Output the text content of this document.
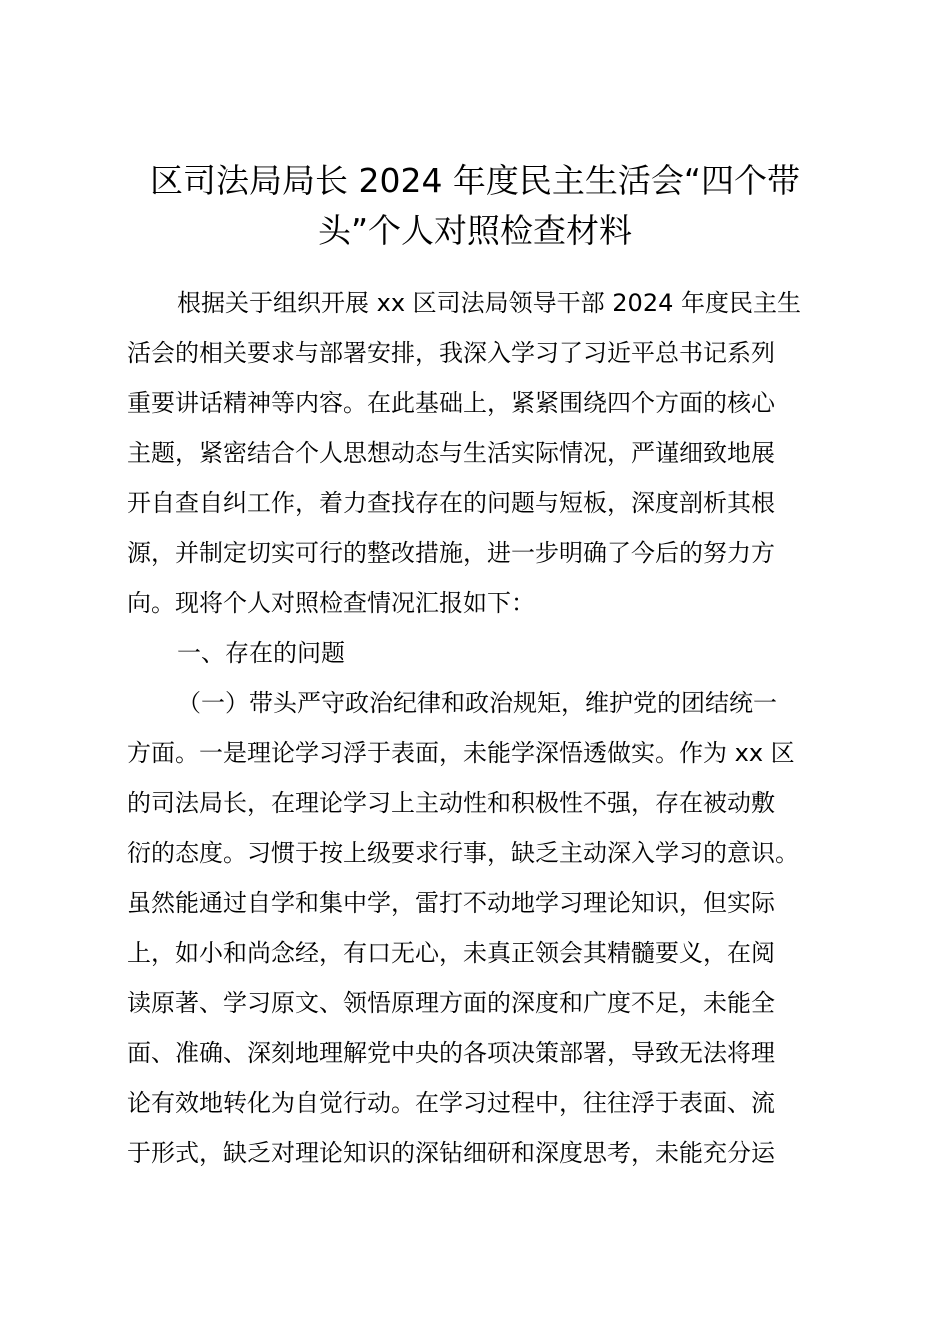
区司法局局长 2024 年度民主生活会“四个带
头”个人对照检查材料
根据关于组织开展 xx 区司法局领导干部 2024 年度民主生
活会的相关要求与部署安排，我深入学习了习近平总书记系列
重要讲话精神等内容。在此基础上，紧紧围绕四个方面的核心
主题，紧密结合个人思想动态与生活实际情况，严谨细致地展
开自查自纠工作，着力查找存在的问题与短板，深度剖析其根
源，并制定切实可行的整改措施，进一步明确了今后的努力方
向。现将个人对照检查情况汇报如下：
一、存在的问题
（一）带头严守政治纪律和政治规矩，维护党的团结统一
方面。一是理论学习浮于表面，未能学深悟透做实。作为 xx 区
的司法局长，在理论学习上主动性和积极性不强，存在被动敷
衍的态度。习惯于按上级要求行事，缺乏主动深入学习的意识。
虽然能通过自学和集中学，雷打不动地学习理论知识，但实际
上，如小和尚念经，有口无心，未真正领会其精髓要义，在阅
读原著、学习原文、领悟原理方面的深度和广度不足，未能全
面、准确、深刻地理解党中央的各项决策部署，导致无法将理
论有效地转化为自觉行动。在学习过程中，往往浮于表面、流
于形式，缺乏对理论知识的深钻细研和深度思考，未能充分运
